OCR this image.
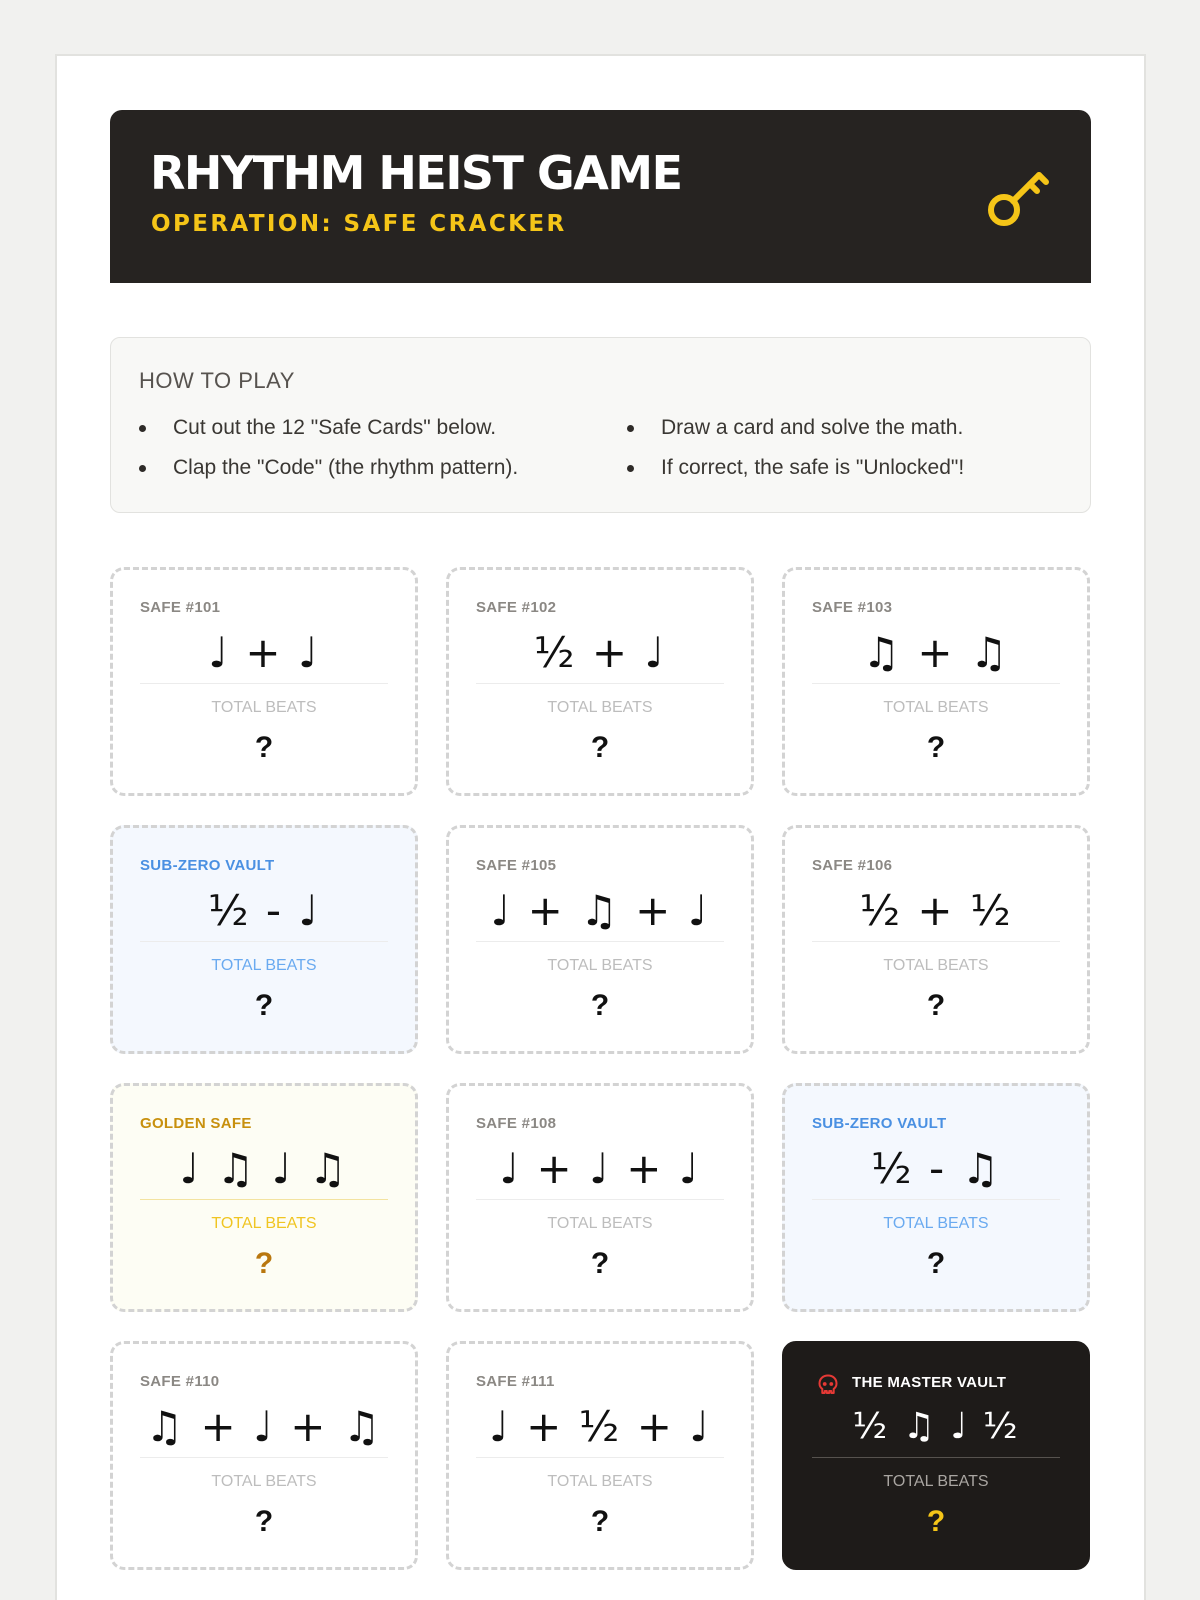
RHYTHM HEIST GAME
OPERATION: SAFE CRACKER
HOW TO PLAY
Cut out the 12 "Safe Cards" below.	Draw a card and solve the math.
Clap the "Code" (the rhythm pattern).	If correct, the safe is "Unlocked"!
SAFE #101
♩ + ♩
TOTAL BEATS
?
SAFE #102
½ + ♩
TOTAL BEATS
?
SAFE #103
♫ + ♫
TOTAL BEATS
?
SUB-ZERO VAULT
½ - ♩
TOTAL BEATS
?
SAFE #105
♩ + ♫ + ♩
TOTAL BEATS
?
SAFE #106
½ + ½
TOTAL BEATS
?
GOLDEN SAFE
♩ ♫ ♩ ♫
TOTAL BEATS
?
SAFE #108
♩ + ♩ + ♩
TOTAL BEATS
?
SUB-ZERO VAULT
½ - ♫
TOTAL BEATS
?
SAFE #110
♫ + ♩ + ♫
TOTAL BEATS
?
SAFE #111
♩ + ½ + ♩
TOTAL BEATS
?
THE MASTER VAULT
½ ♫ ♩ ½
TOTAL BEATS
?
